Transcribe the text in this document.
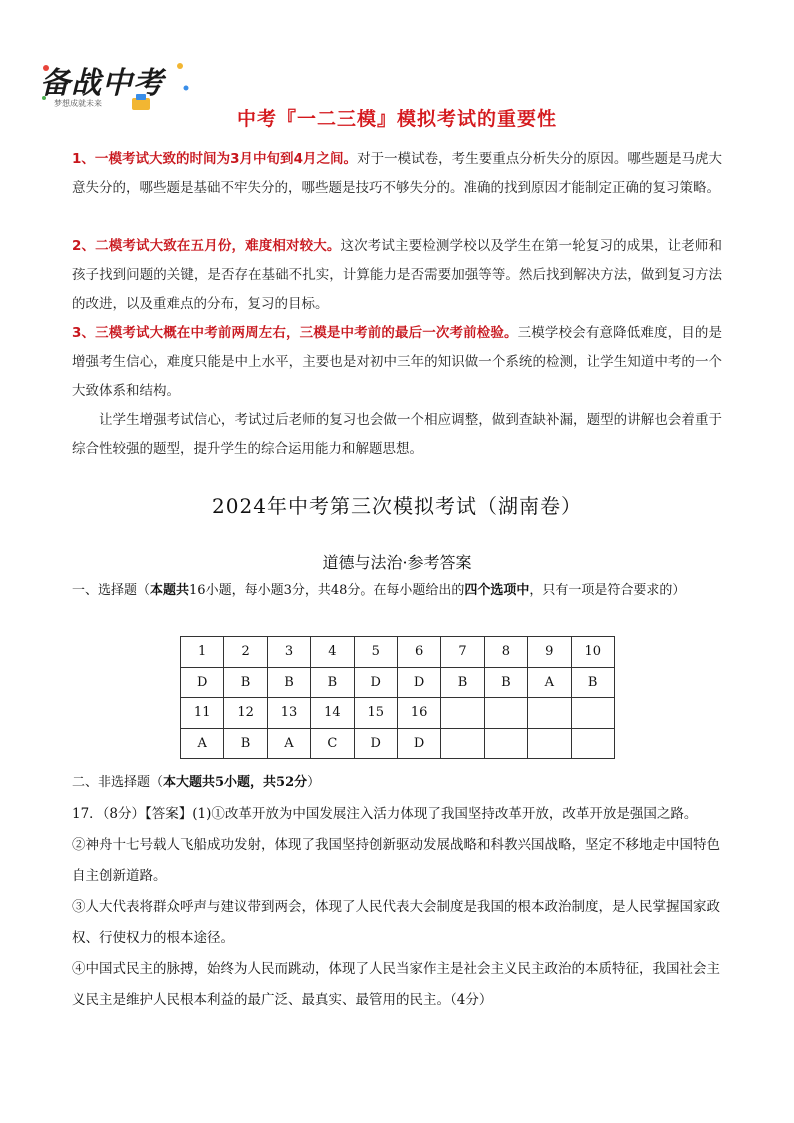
备战中考
梦想成就未来
中考『一二三模』模拟考试的重要性
1、一模考试大致的时间为3月中旬到4月之间。对于一模试卷，考生要重点分析失分的原因。哪些题是马虎大意失分的，哪些题是基础不牢失分的，哪些题是技巧不够失分的。准确的找到原因才能制定正确的复习策略。
2、二模考试大致在五月份，难度相对较大。这次考试主要检测学校以及学生在第一轮复习的成果，让老师和孩子找到问题的关键，是否存在基础不扎实，计算能力是否需要加强等等。然后找到解决方法，做到复习方法的改进，以及重难点的分布，复习的目标。
3、三模考试大概在中考前两周左右，三模是中考前的最后一次考前检验。三模学校会有意降低难度，目的是增强考生信心，难度只能是中上水平，主要也是对初中三年的知识做一个系统的检测，让学生知道中考的一个大致体系和结构。
让学生增强考试信心，考试过后老师的复习也会做一个相应调整，做到查缺补漏，题型的讲解也会着重于综合性较强的题型，提升学生的综合运用能力和解题思想。
2024年中考第三次模拟考试（湖南卷）
道德与法治·参考答案
一、选择题（本题共16小题，每小题3分，共48分。在每小题给出的四个选项中，只有一项是符合要求的）
1	2	3	4	5	6	7	8	9	10
D	B	B	B	D	D	B	B	A	B
11	12	13	14	15	16				
A	B	A	C	D	D				
二、非选择题（本大题共5小题，共52分）
17．（8分）【答案】(1)①改革开放为中国发展注入活力体现了我国坚持改革开放，改革开放是强国之路。
②神舟十七号载人飞船成功发射，体现了我国坚持创新驱动发展战略和科教兴国战略，坚定不移地走中国特色自主创新道路。
③人大代表将群众呼声与建议带到两会，体现了人民代表大会制度是我国的根本政治制度，是人民掌握国家政权、行使权力的根本途径。
④中国式民主的脉搏，始终为人民而跳动，体现了人民当家作主是社会主义民主政治的本质特征，我国社会主义民主是维护人民根本利益的最广泛、最真实、最管用的民主。（4分）
